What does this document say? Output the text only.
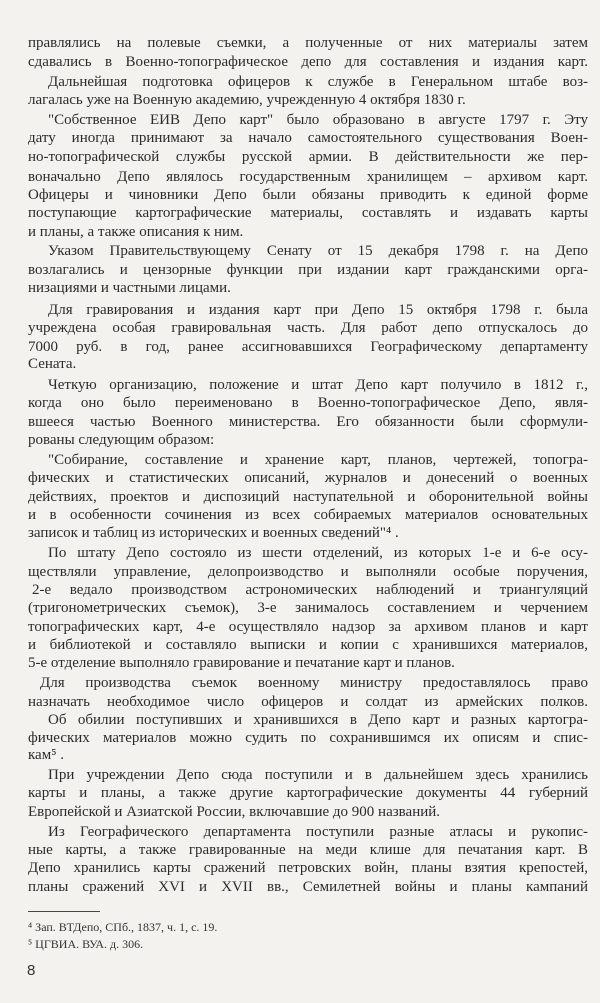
правлялись на полевые съемки, а полученные от них материалы затем
сдавались в Военно-топографическое депо для составления и издания карт.
Дальнейшая подготовка офицеров к службе в Генеральном штабе воз-
лагалась уже на Военную академию, учрежденную 4 октября 1830 г.
"Собственное ЕИВ Депо карт" было образовано в августе 1797 г. Эту
дату иногда принимают за начало самостоятельного существования Воен-
но-топографической службы русской армии. В действительности же пер-
воначально Депо являлось государственным хранилищем – архивом карт.
Офицеры и чиновники Депо были обязаны приводить к единой форме
поступающие картографические материалы, составлять и издавать карты
и планы, а также описания к ним.
Указом Правительствующему Сенату от 15 декабря 1798 г. на Депо
возлагались и цензорные функции при издании карт гражданскими орга-
низациями и частными лицами.
Для гравирования и издания карт при Депо 15 октября 1798 г. была
учреждена особая гравировальная часть. Для работ депо отпускалось до
7000 руб. в год, ранее ассигновавшихся Географическому департаменту
Сената.
Четкую организацию, положение и штат Депо карт получило в 1812 г.,
когда оно было переименовано в Военно-топографическое Депо, явля-
вшееся частью Военного министерства. Его обязанности были сформули-
рованы следующим образом:
"Собирание, составление и хранение карт, планов, чертежей, топогра-
фических и статистических описаний, журналов и донесений о военных
действиях, проектов и диспозиций наступательной и оборонительной войны
и в особенности сочинения из всех собираемых материалов основательных
записок и таблиц из исторических и военных сведений"⁴ .
По штату Депо состояло из шести отделений, из которых 1-е и 6-е осу-
ществляли управление, делопроизводство и выполняли особые поручения,
2-е ведало производством астрономических наблюдений и триангуляций
(тригонометрических съемок), 3-е занималось составлением и черчением
топографических карт, 4-е осуществляло надзор за архивом планов и карт
и библиотекой и составляло выписки и копии с хранившихся материалов,
5-е отделение выполняло гравирование и печатание карт и планов.
Для производства съемок военному министру предоставлялось право
назначать необходимое число офицеров и солдат из армейских полков.
Об обилии поступивших и хранившихся в Депо карт и разных картогра-
фических материалов можно судить по сохранившимся их описям и спис-
кам⁵ .
При учреждении Депо сюда поступили и в дальнейшем здесь хранились
карты и планы, а также другие картографические документы 44 губерний
Европейской и Азиатской России, включавшие до 900 названий.
Из Географического департамента поступили разные атласы и рукопис-
ные карты, а также гравированные на меди клише для печатания карт. В
Депо хранились карты сражений петровских войн, планы взятия крепостей,
планы сражений XVI и XVII вв., Семилетней войны и планы кампаний
⁴ Зап. ВТДепо, СПб., 1837, ч. 1, с. 19.
⁵ ЦГВИА. ВУА. д. 306.
8
